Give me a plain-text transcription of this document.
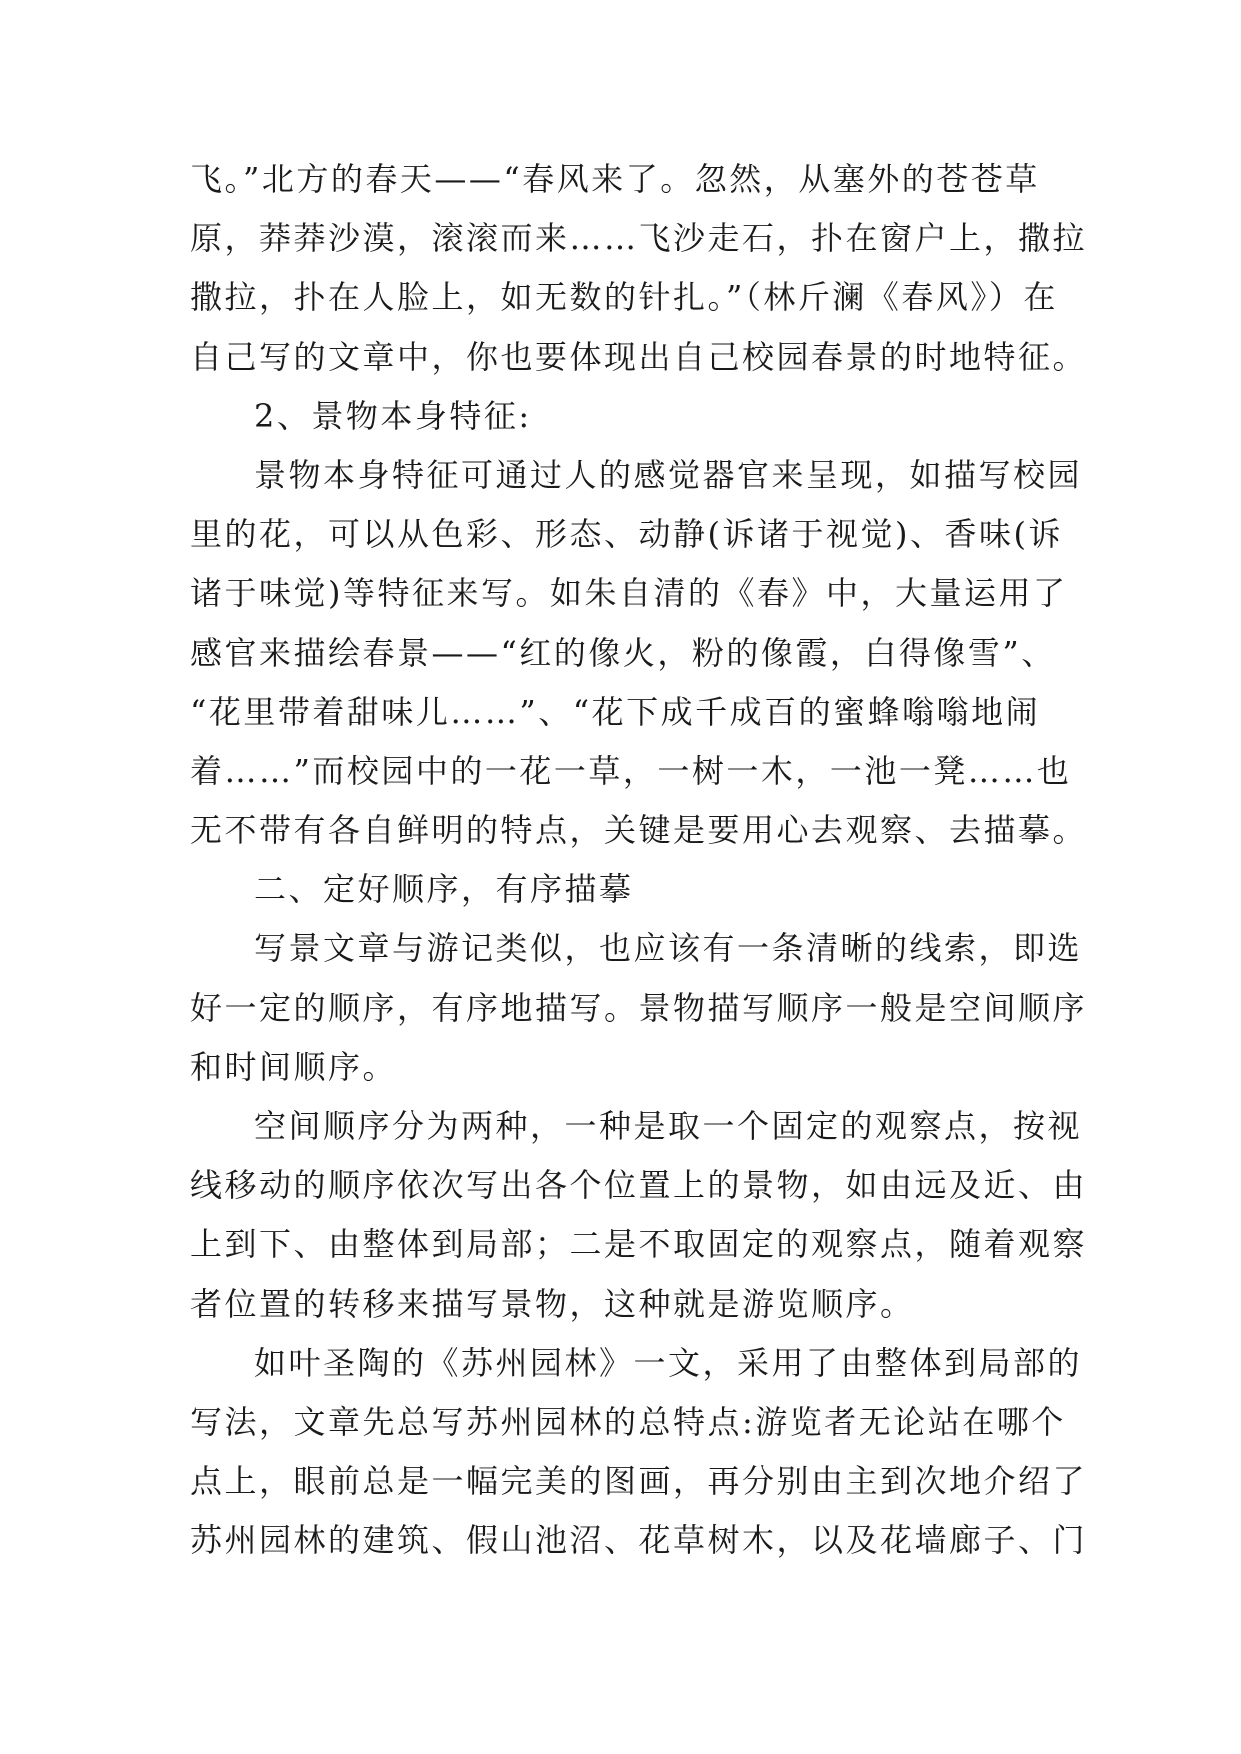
飞。”北方的春天——“春风来了。忽然，从塞外的苍苍草
原，莽莽沙漠，滚滚而来……飞沙走石，扑在窗户上，撒拉
撒拉，扑在人脸上，如无数的针扎。”（林斤澜《春风》）在
自己写的文章中，你也要体现出自己校园春景的时地特征。
2、景物本身特征:
景物本身特征可通过人的感觉器官来呈现，如描写校园
里的花，可以从色彩、形态、动静(诉诸于视觉)、香味(诉
诸于味觉)等特征来写。如朱自清的《春》中，大量运用了
感官来描绘春景——“红的像火，粉的像霞，白得像雪”、
“花里带着甜味儿……”、“花下成千成百的蜜蜂嗡嗡地闹
着……”而校园中的一花一草，一树一木，一池一凳……也
无不带有各自鲜明的特点，关键是要用心去观察、去描摹。
二、定好顺序，有序描摹
写景文章与游记类似，也应该有一条清晰的线索，即选
好一定的顺序，有序地描写。景物描写顺序一般是空间顺序
和时间顺序。
空间顺序分为两种，一种是取一个固定的观察点，按视
线移动的顺序依次写出各个位置上的景物，如由远及近、由
上到下、由整体到局部；二是不取固定的观察点，随着观察
者位置的转移来描写景物，这种就是游览顺序。
如叶圣陶的《苏州园林》一文，采用了由整体到局部的
写法，文章先总写苏州园林的总特点:游览者无论站在哪个
点上，眼前总是一幅完美的图画，再分别由主到次地介绍了
苏州园林的建筑、假山池沼、花草树木，以及花墙廊子、门
